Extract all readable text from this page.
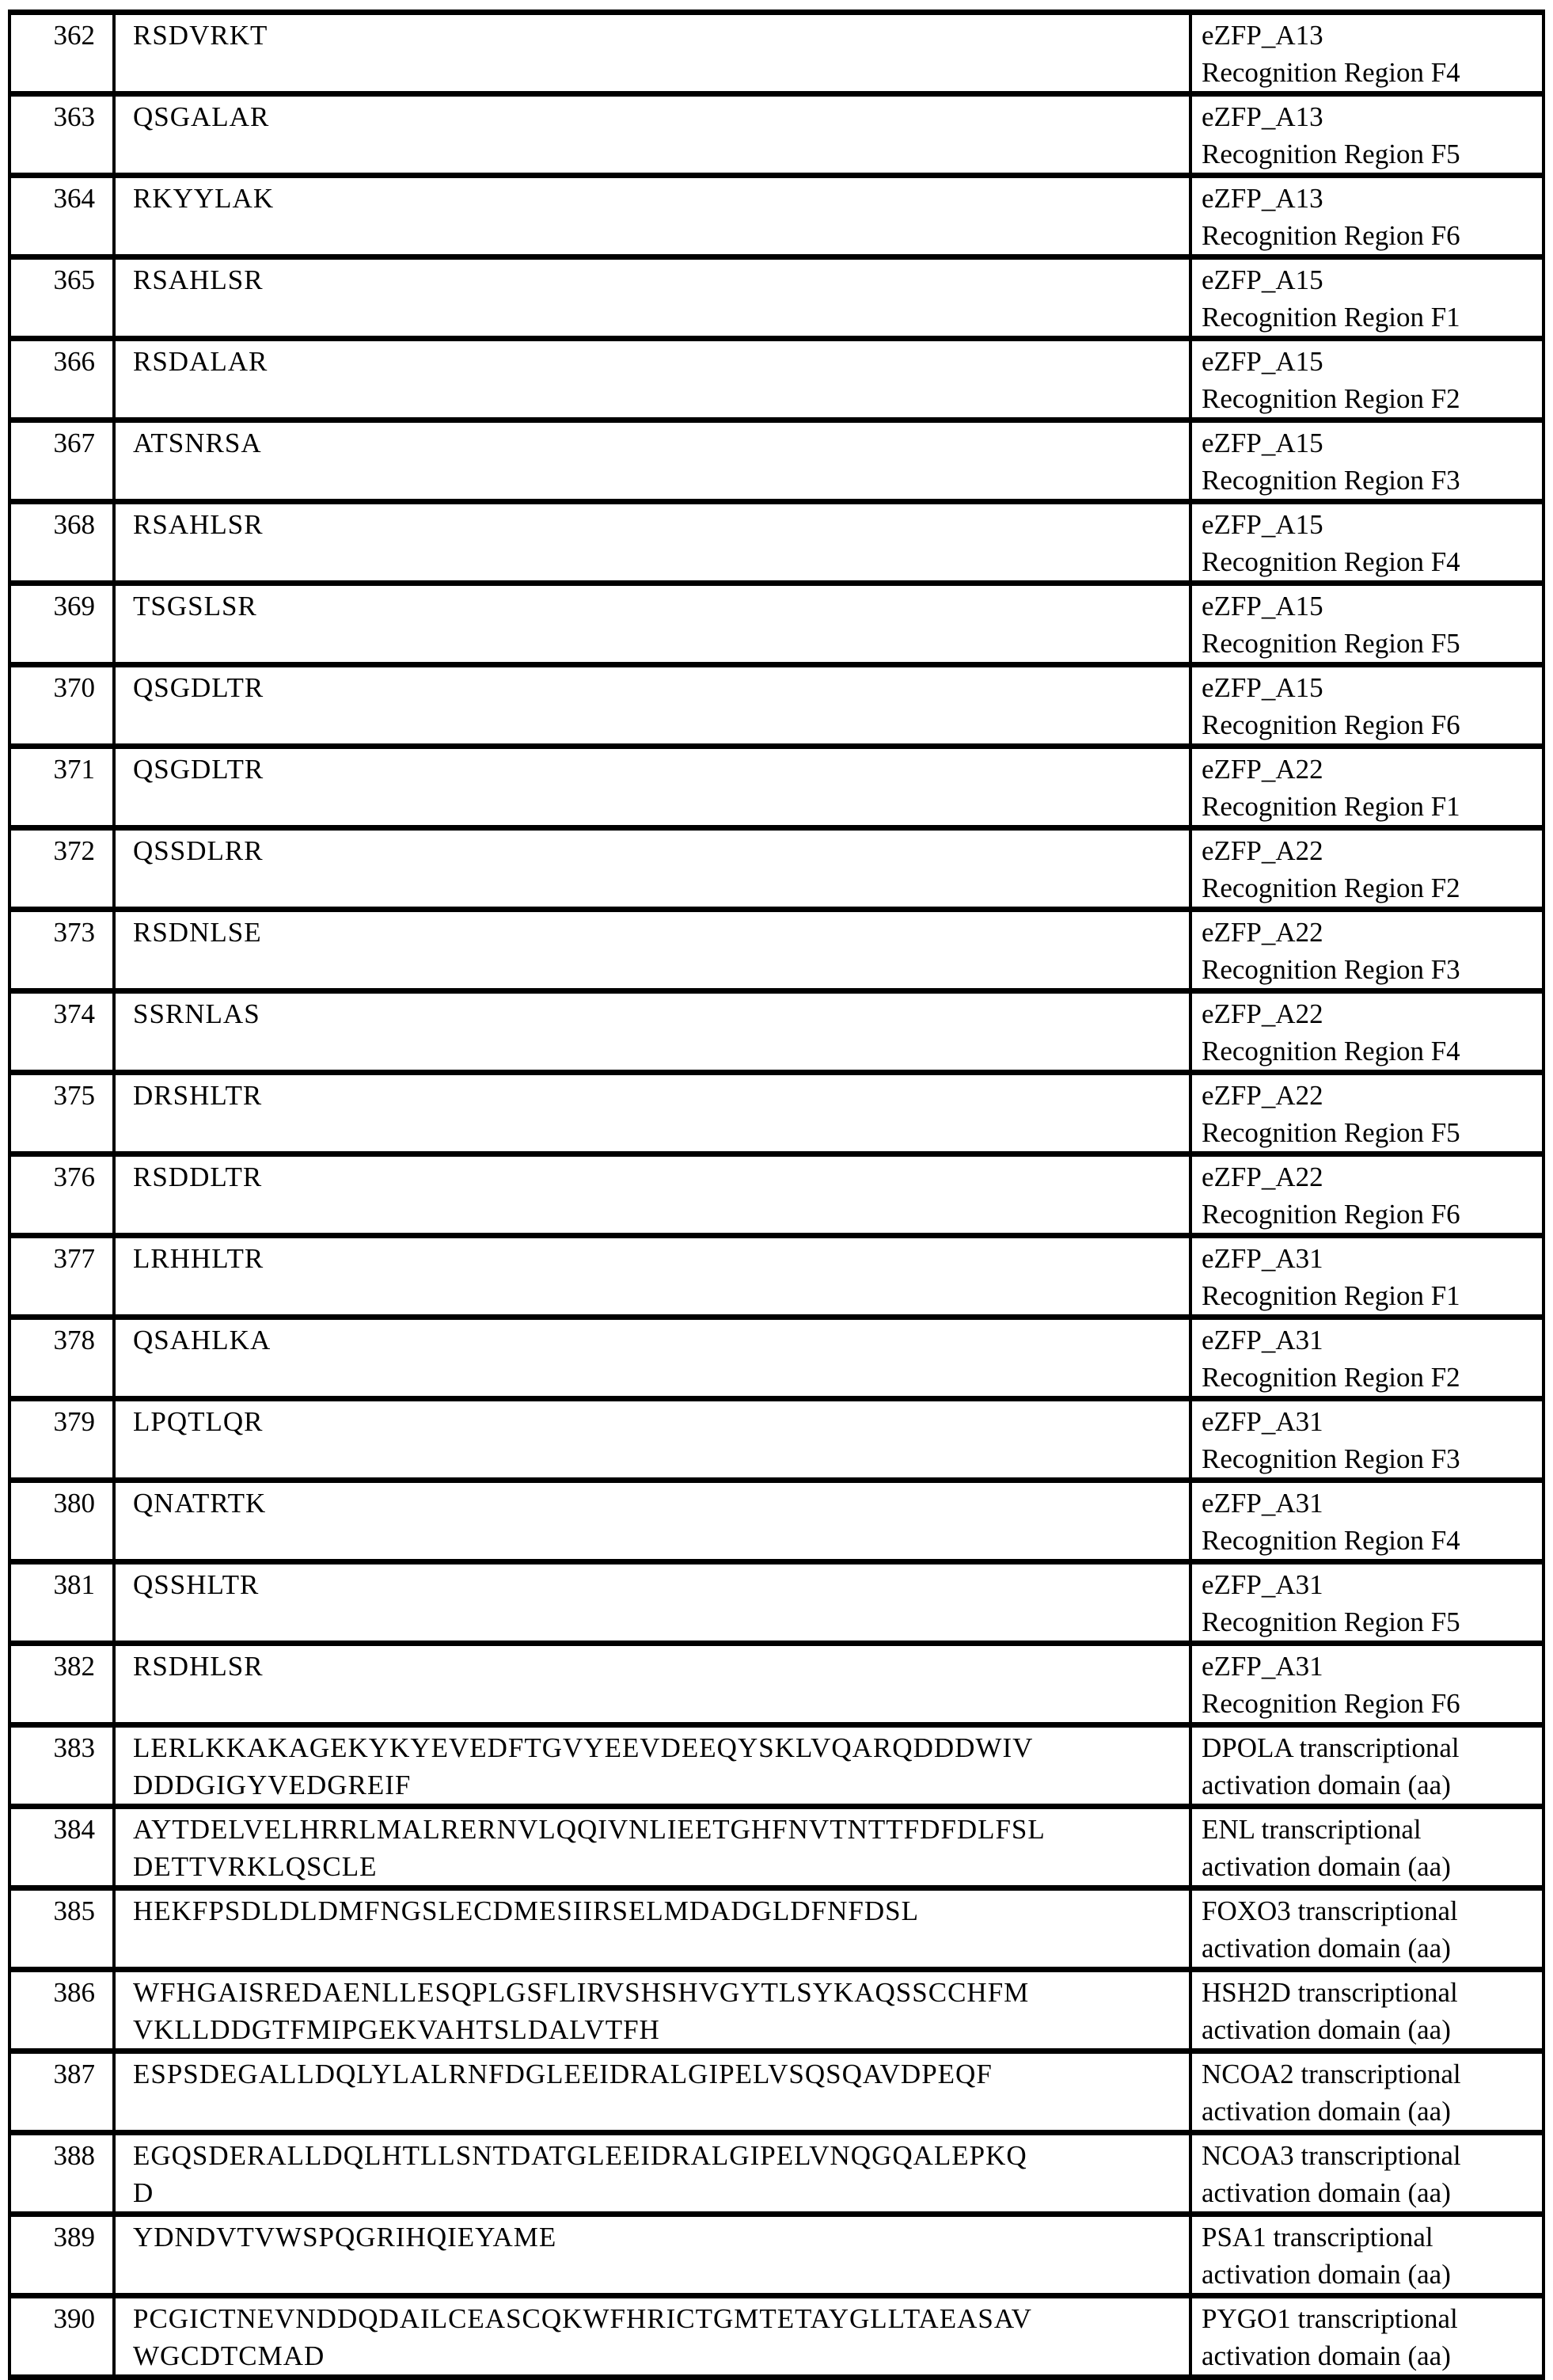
362	RSDVRKT	eZFP_A13
Recognition Region F4
363	QSGALAR	eZFP_A13
Recognition Region F5
364	RKYYLAK	eZFP_A13
Recognition Region F6
365	RSAHLSR	eZFP_A15
Recognition Region F1
366	RSDALAR	eZFP_A15
Recognition Region F2
367	ATSNRSA	eZFP_A15
Recognition Region F3
368	RSAHLSR	eZFP_A15
Recognition Region F4
369	TSGSLSR	eZFP_A15
Recognition Region F5
370	QSGDLTR	eZFP_A15
Recognition Region F6
371	QSGDLTR	eZFP_A22
Recognition Region F1
372	QSSDLRR	eZFP_A22
Recognition Region F2
373	RSDNLSE	eZFP_A22
Recognition Region F3
374	SSRNLAS	eZFP_A22
Recognition Region F4
375	DRSHLTR	eZFP_A22
Recognition Region F5
376	RSDDLTR	eZFP_A22
Recognition Region F6
377	LRHHLTR	eZFP_A31
Recognition Region F1
378	QSAHLKA	eZFP_A31
Recognition Region F2
379	LPQTLQR	eZFP_A31
Recognition Region F3
380	QNATRTK	eZFP_A31
Recognition Region F4
381	QSSHLTR	eZFP_A31
Recognition Region F5
382	RSDHLSR	eZFP_A31
Recognition Region F6
383	LERLKKAKAGEKYKYEVEDFTGVYEEVDEEQYSKLVQARQDDDWIV
DDDGIGYVEDGREIF	DPOLA transcriptional
activation domain (aa)
384	AYTDELVELHRRLMALRERNVLQQIVNLIEETGHFNVTNTTFDFDLFSL
DETTVRKLQSCLE	ENL transcriptional
activation domain (aa)
385	HEKFPSDLDLDMFNGSLECDMESIIRSELMDADGLDFNFDSL	FOXO3 transcriptional
activation domain (aa)
386	WFHGAISREDAENLLESQPLGSFLIRVSHSHVGYTLSYKAQSSCCHFM
VKLLDDGTFMIPGEKVAHTSLDALVTFH	HSH2D transcriptional
activation domain (aa)
387	ESPSDEGALLDQLYLALRNFDGLEEIDRALGIPELVSQSQAVDPEQF	NCOA2 transcriptional
activation domain (aa)
388	EGQSDERALLDQLHTLLSNTDATGLEEIDRALGIPELVNQGQALEPKQ
D	NCOA3 transcriptional
activation domain (aa)
389	YDNDVTVWSPQGRIHQIEYAME	PSA1 transcriptional
activation domain (aa)
390	PCGICTNEVNDDQDAILCEASCQKWFHRICTGMTETAYGLLTAEASAV
WGCDTCMAD	PYGO1 transcriptional
activation domain (aa)
